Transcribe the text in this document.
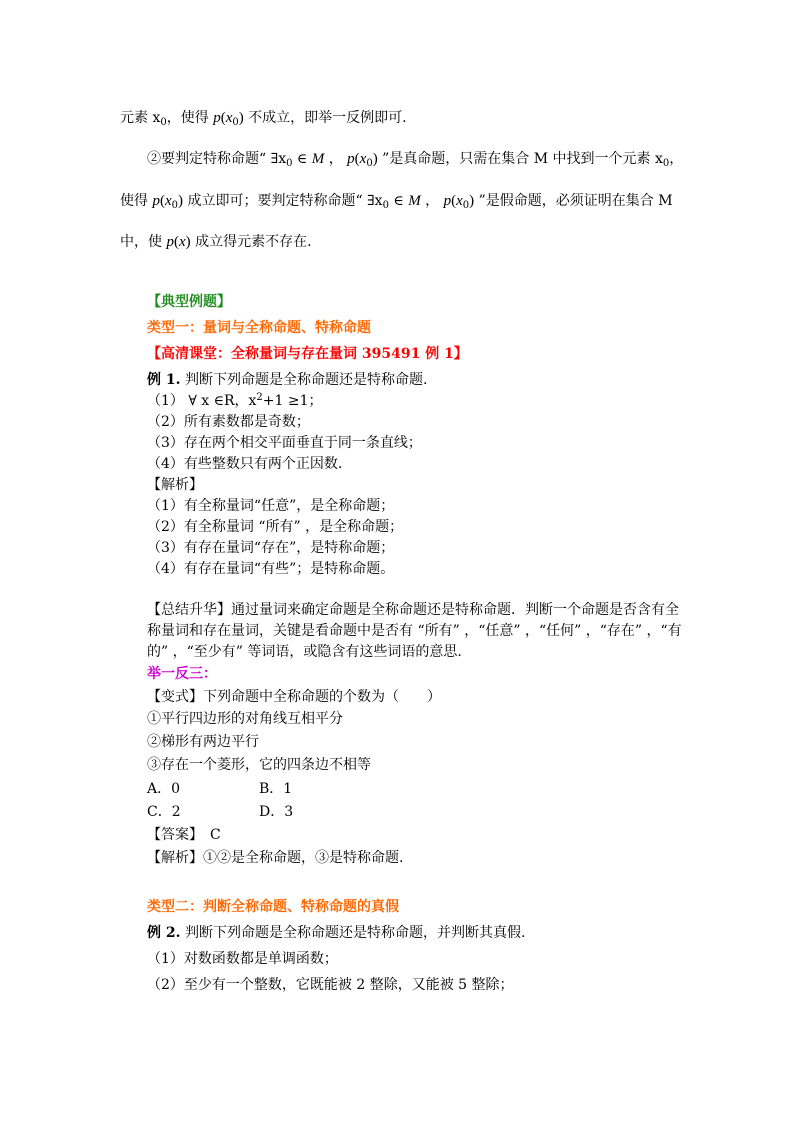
元素 $x_0$，使得 $p(x_0)$ 不成立，即举一反例即可.
②要判定特称命题“ $\exists x_0$ ∈ M ， $p(x_0)$ ”是真命题，只需在集合 M 中找到一个元素 $x_0$，
使得 $p(x_0)$ 成立即可；要判定特称命题“ $\exists x_0$ ∈ M ， $p(x_0)$ ”是假命题，必须证明在集合 M
中，使 p(x) 成立得元素不存在.
【典型例题】
类型一：量词与全称命题、特称命题
【高清课堂：全称量词与存在量词 395491 例 1】
例 1. 判断下列命题是全称命题还是特称命题.
（1） ∀ x ∈R，$x^2+1 \ge 1$；
（2）所有素数都是奇数；
（3）存在两个相交平面垂直于同一条直线；
（4）有些整数只有两个正因数.
【解析】
（1）有全称量词“任意”，是全称命题；
（2）有全称量词 “所有” ，是全称命题；
（3）有存在量词“存在”，是特称命题；
（4）有存在量词“有些”；是特称命题。
【总结升华】通过量词来确定命题是全称命题还是特称命题．判断一个命题是否含有全
称量词和存在量词，关键是看命题中是否有 “所有” ，“任意” ，“任何” ，“存在” ，“有
的” ，“至少有” 等词语，或隐含有这些词语的意思.
举一反三：
【变式】下列命题中全称命题的个数为（　　）
①平行四边形的对角线互相平分
②梯形有两边平行
③存在一个菱形，它的四条边不相等
A．0	B．1
C．2	D．3
【答案】　C
【解析】①②是全称命题，③是特称命题.
类型二：判断全称命题、特称命题的真假
例 2. 判断下列命题是全称命题还是特称命题，并判断其真假.
（1）对数函数都是单调函数；
（2）至少有一个整数，它既能被 2 整除，又能被 5 整除；
